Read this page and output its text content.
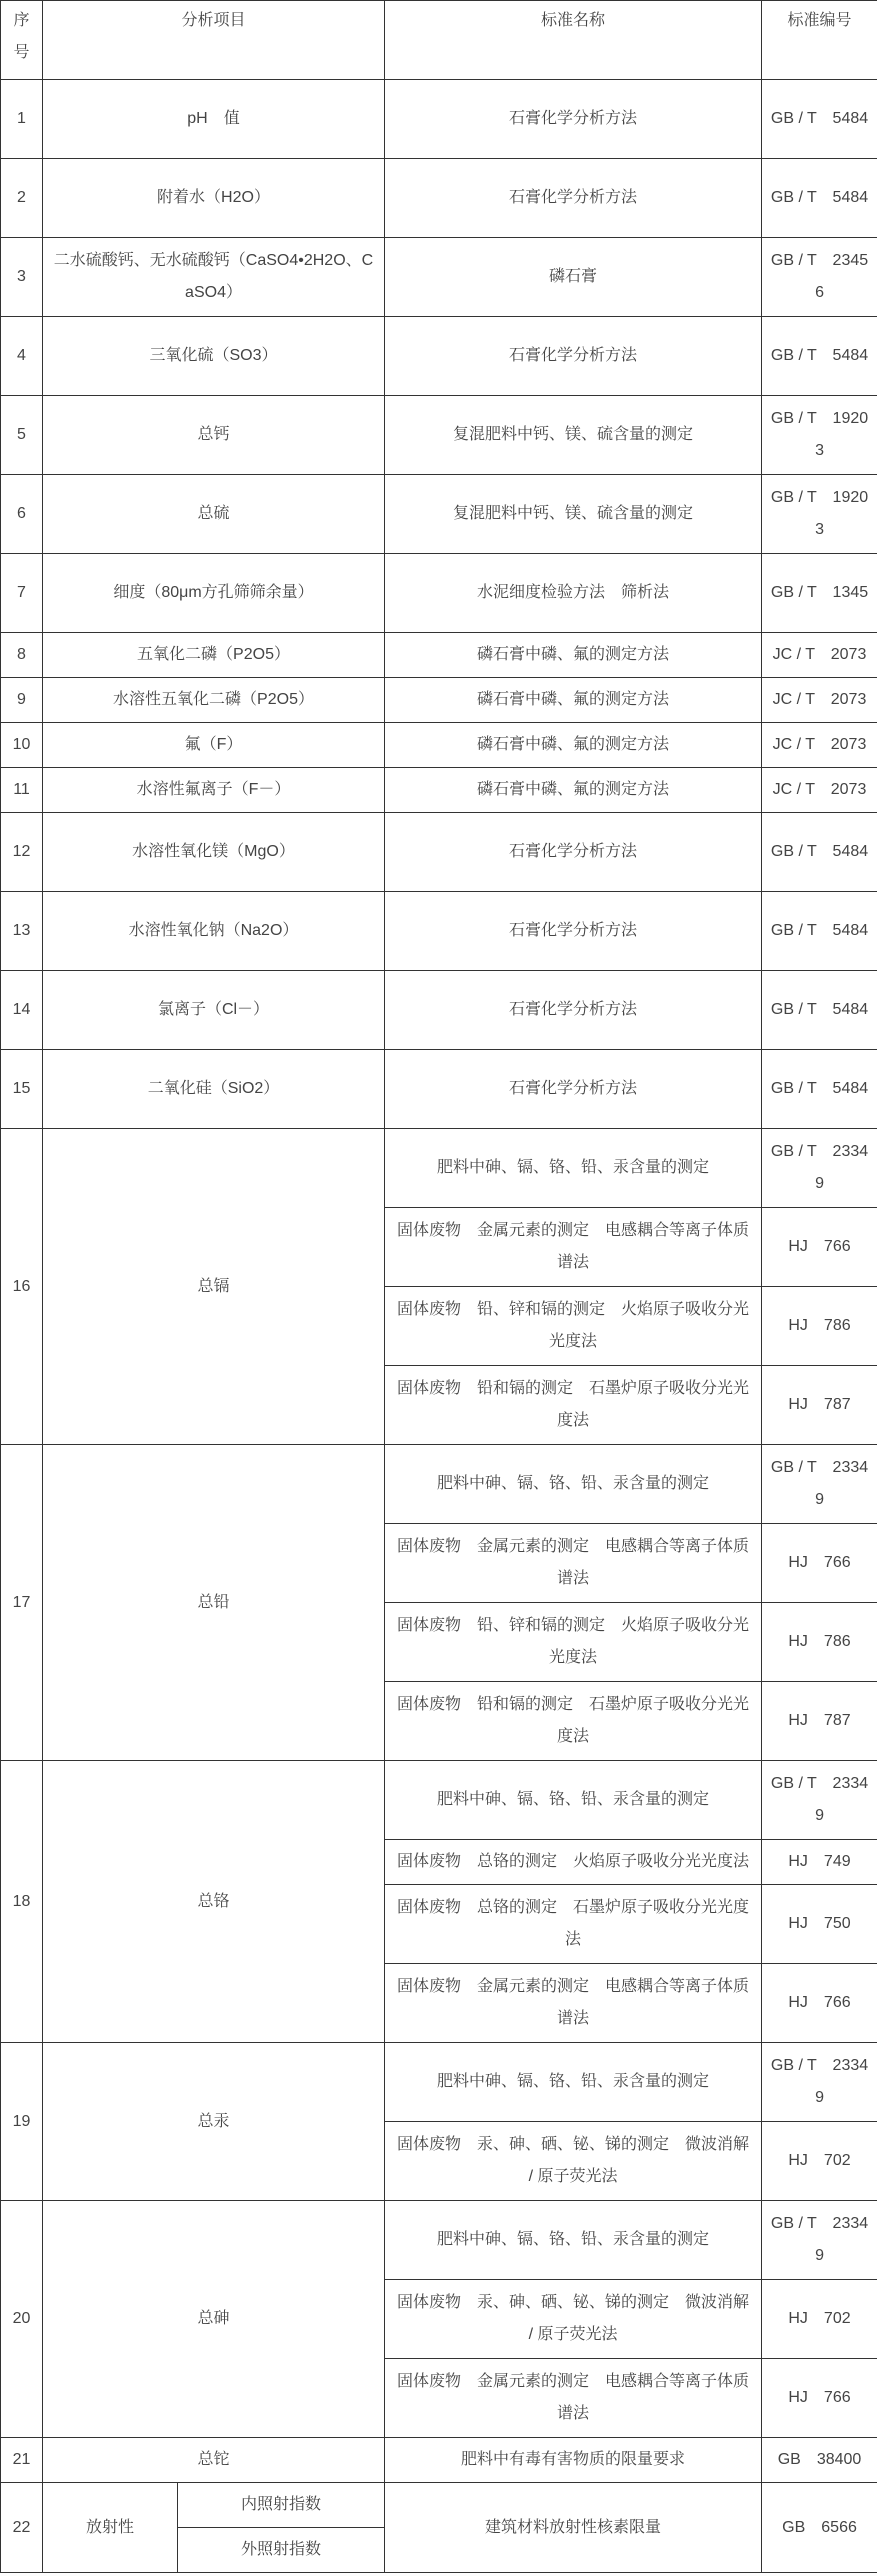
序号	分析项目		标准名称	标准编号
1	pH　值		石膏化学分析方法	GB / T　5484
2	附着水（H2O）		石膏化学分析方法	GB / T　5484
3	二水硫酸钙、无水硫酸钙（CaSO4•2H2O、CaSO4）		磷石膏	GB / T　23456
4	三氧化硫（SO3）		石膏化学分析方法	GB / T　5484
5	总钙		复混肥料中钙、镁、硫含量的测定	GB / T　19203
6	总硫		复混肥料中钙、镁、硫含量的测定	GB / T　19203
7	细度（80μm方孔筛筛余量）		水泥细度检验方法　筛析法	GB / T　1345
8	五氧化二磷（P2O5）		磷石膏中磷、氟的测定方法	JC / T　2073
9	水溶性五氧化二磷（P2O5）		磷石膏中磷、氟的测定方法	JC / T　2073
10	氟（F）		磷石膏中磷、氟的测定方法	JC / T　2073
11	水溶性氟离子（F－）		磷石膏中磷、氟的测定方法	JC / T　2073
12	水溶性氧化镁（MgO）		石膏化学分析方法	GB / T　5484
13	水溶性氧化钠（Na2O）		石膏化学分析方法	GB / T　5484
14	氯离子（Cl－）		石膏化学分析方法	GB / T　5484
15	二氧化硅（SiO2）		石膏化学分析方法	GB / T　5484
16	总镉		肥料中砷、镉、铬、铅、汞含量的测定	GB / T　23349
			固体废物　金属元素的测定　电感耦合等离子体质谱法	HJ　766
			固体废物　铅、锌和镉的测定　火焰原子吸收分光光度法	HJ　786
			固体废物　铅和镉的测定　石墨炉原子吸收分光光度法	HJ　787
17	总铅		肥料中砷、镉、铬、铅、汞含量的测定	GB / T　23349
			固体废物　金属元素的测定　电感耦合等离子体质谱法	HJ　766
			固体废物　铅、锌和镉的测定　火焰原子吸收分光光度法	HJ　786
			固体废物　铅和镉的测定　石墨炉原子吸收分光光度法	HJ　787
18	总铬		肥料中砷、镉、铬、铅、汞含量的测定	GB / T　23349
			固体废物　总铬的测定　火焰原子吸收分光光度法	HJ　749
			固体废物　总铬的测定　石墨炉原子吸收分光光度法	HJ　750
			固体废物　金属元素的测定　电感耦合等离子体质谱法	HJ　766
19	总汞		肥料中砷、镉、铬、铅、汞含量的测定	GB / T　23349
			固体废物　汞、砷、硒、铋、锑的测定　微波消解 / 原子荧光法	HJ　702
20	总砷		肥料中砷、镉、铬、铅、汞含量的测定	GB / T　23349
			固体废物　汞、砷、硒、铋、锑的测定　微波消解 / 原子荧光法	HJ　702
			固体废物　金属元素的测定　电感耦合等离子体质谱法	HJ　766
21	总铊		肥料中有毒有害物质的限量要求	GB　38400
22	放射性	内照射指数	建筑材料放射性核素限量	GB　6566
		外照射指数		
